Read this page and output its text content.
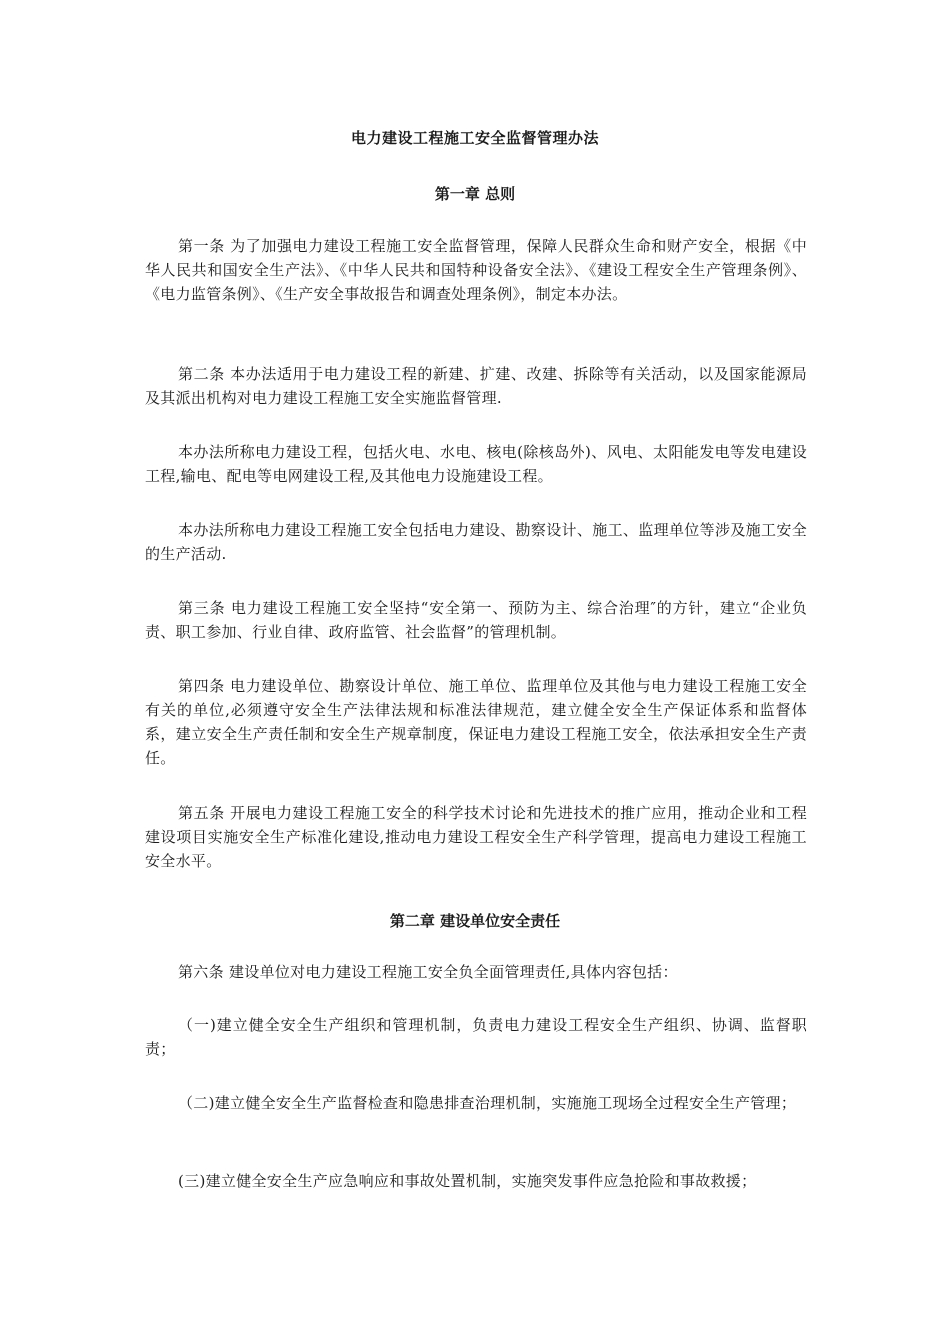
电力建设工程施工安全监督管理办法
第一章 总则

第一条 为了加强电力建设工程施工安全监督管理，保障人民群众生命和财产安全，根据《中华人民共和国安全生产法》、《中华人民共和国特种设备安全法》、《建设工程安全生产管理条例》、《电力监管条例》、《生产安全事故报告和调查处理条例》，制定本办法。

第二条 本办法适用于电力建设工程的新建、扩建、改建、拆除等有关活动，以及国家能源局及其派出机构对电力建设工程施工安全实施监督管理.

本办法所称电力建设工程，包括火电、水电、核电(除核岛外)、风电、太阳能发电等发电建设工程,输电、配电等电网建设工程,及其他电力设施建设工程。

本办法所称电力建设工程施工安全包括电力建设、勘察设计、施工、监理单位等涉及施工安全的生产活动.

第三条 电力建设工程施工安全坚持“安全第一、预防为主、综合治理″的方针，建立“企业负责、职工参加、行业自律、政府监管、社会监督”的管理机制。

第四条 电力建设单位、勘察设计单位、施工单位、监理单位及其他与电力建设工程施工安全有关的单位,必须遵守安全生产法律法规和标准法律规范，建立健全安全生产保证体系和监督体系，建立安全生产责任制和安全生产规章制度，保证电力建设工程施工安全，依法承担安全生产责任。

第五条 开展电力建设工程施工安全的科学技术讨论和先进技术的推广应用，推动企业和工程建设项目实施安全生产标准化建设,推动电力建设工程安全生产科学管理，提高电力建设工程施工安全水平。

第二章 建设单位安全责任

第六条 建设单位对电力建设工程施工安全负全面管理责任,具体内容包括：

（一)建立健全安全生产组织和管理机制，负责电力建设工程安全生产组织、协调、监督职责；

（二)建立健全安全生产监督检查和隐患排查治理机制，实施施工现场全过程安全生产管理；

(三)建立健全安全生产应急响应和事故处置机制，实施突发事件应急抢险和事故救援；
